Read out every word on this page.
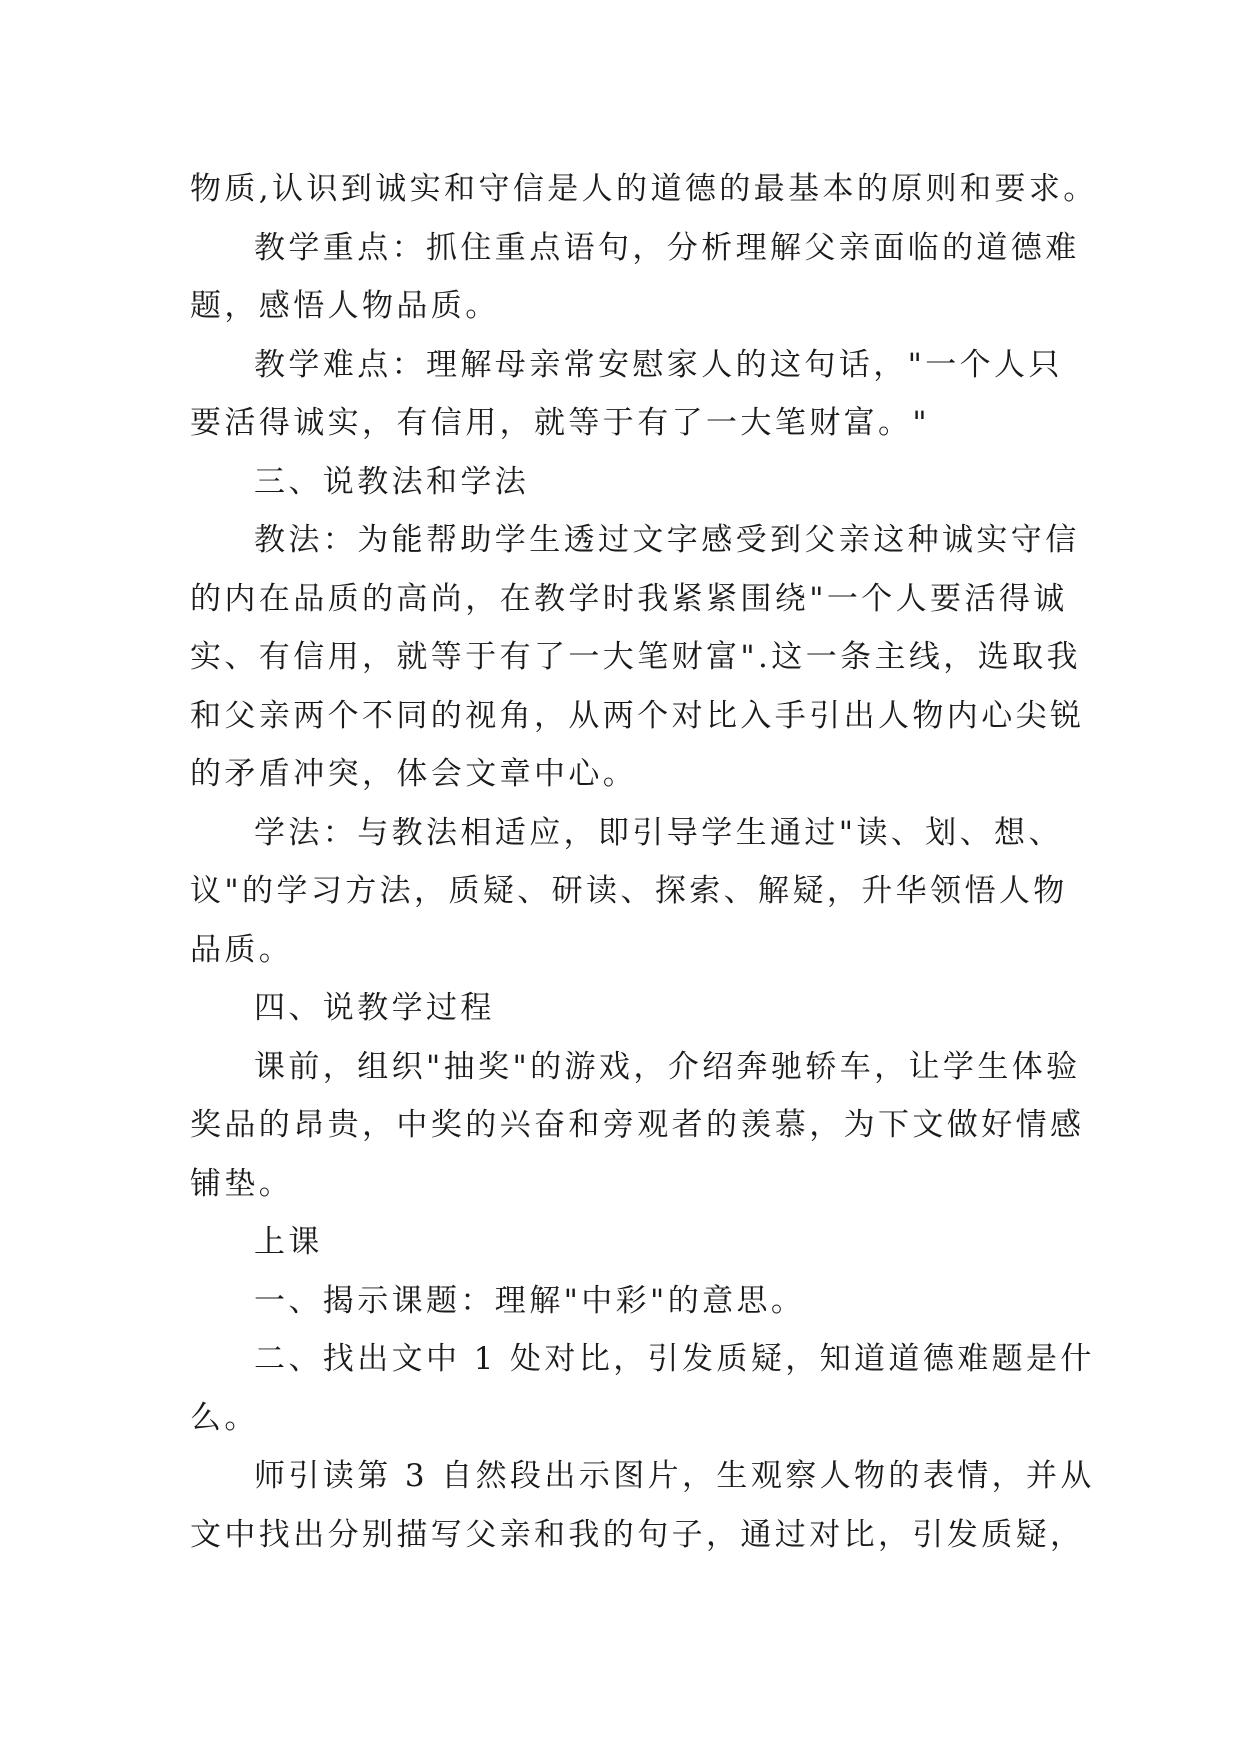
物质,认识到诚实和守信是人的道德的最基本的原则和要求。

教学重点：抓住重点语句，分析理解父亲面临的道德难

题，感悟人物品质。

教学难点：理解母亲常安慰家人的这句话，"一个人只

要活得诚实，有信用，就等于有了一大笔财富。"

三、说教法和学法

教法：为能帮助学生透过文字感受到父亲这种诚实守信

的内在品质的高尚，在教学时我紧紧围绕"一个人要活得诚

实、有信用，就等于有了一大笔财富".这一条主线，选取我

和父亲两个不同的视角，从两个对比入手引出人物内心尖锐

的矛盾冲突，体会文章中心。

学法：与教法相适应，即引导学生通过"读、划、想、

议"的学习方法，质疑、研读、探索、解疑，升华领悟人物

品质。

四、说教学过程

课前，组织"抽奖"的游戏，介绍奔驰轿车，让学生体验

奖品的昂贵，中奖的兴奋和旁观者的羡慕，为下文做好情感

铺垫。

上课

一、揭示课题：理解"中彩"的意思。

二、找出文中 1 处对比，引发质疑，知道道德难题是什

么。

师引读第 3 自然段出示图片，生观察人物的表情，并从

文中找出分别描写父亲和我的句子，通过对比，引发质疑，
